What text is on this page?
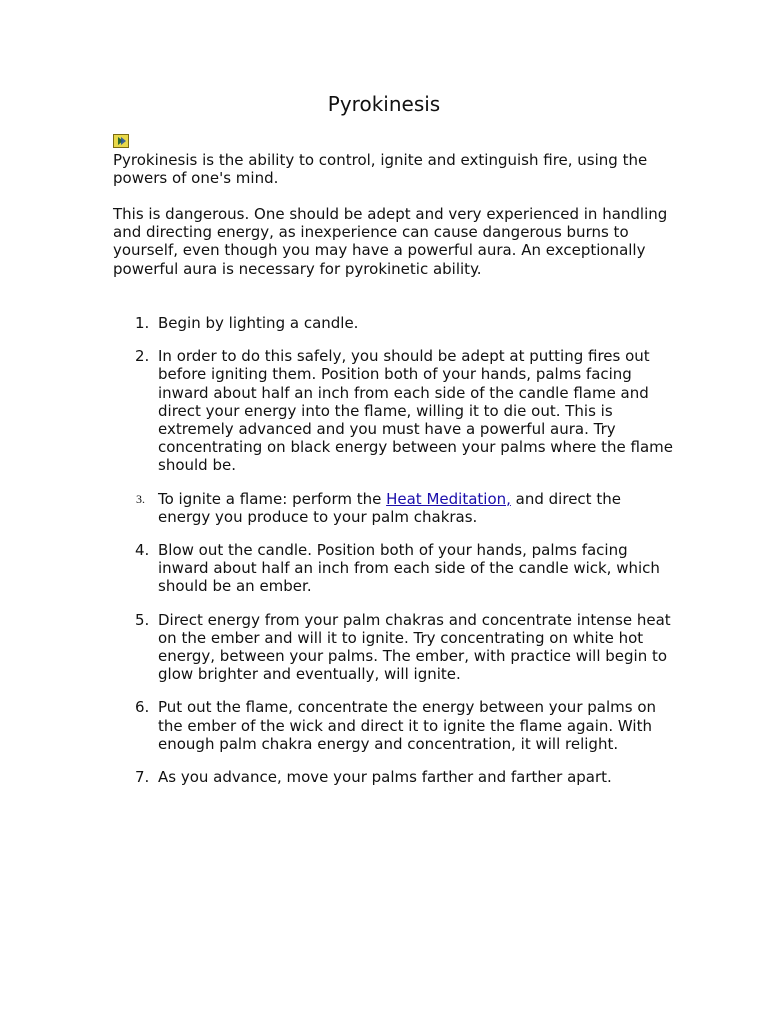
Pyrokinesis

Pyrokinesis is the ability to control, ignite and extinguish fire, using the powers of one's mind.

This is dangerous. One should be adept and very experienced in handling and directing energy, as inexperience can cause dangerous burns to yourself, even though you may have a powerful aura. An exceptionally powerful aura is necessary for pyrokinetic ability.

1. Begin by lighting a candle.
2. In order to do this safely, you should be adept at putting fires out before igniting them. Position both of your hands, palms facing inward about half an inch from each side of the candle flame and direct your energy into the flame, willing it to die out. This is extremely advanced and you must have a powerful aura. Try concentrating on black energy between your palms where the flame should be.
3. To ignite a flame: perform the Heat Meditation, and direct the energy you produce to your palm chakras.
4. Blow out the candle. Position both of your hands, palms facing inward about half an inch from each side of the candle wick, which should be an ember.
5. Direct energy from your palm chakras and concentrate intense heat on the ember and will it to ignite. Try concentrating on white hot energy, between your palms. The ember, with practice will begin to glow brighter and eventually, will ignite.
6. Put out the flame, concentrate the energy between your palms on the ember of the wick and direct it to ignite the flame again. With enough palm chakra energy and concentration, it will relight.
7. As you advance, move your palms farther and farther apart.
